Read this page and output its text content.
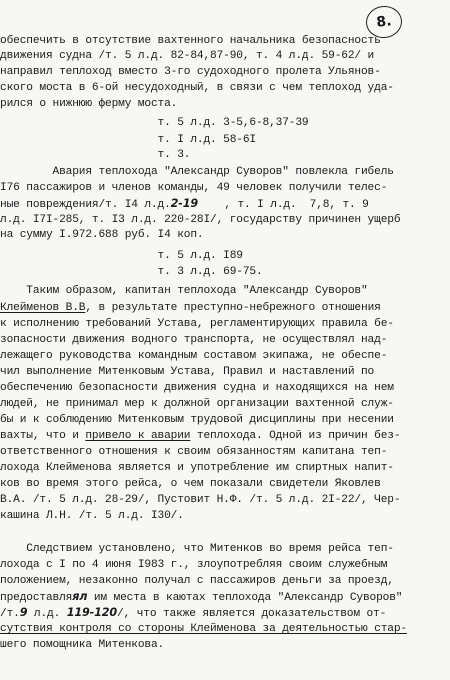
8.
обеспечить в отсутствие вахтенного начальника безопасность
движения судна /т. 5 л.д. 82-84,87-90, т. 4 л.д. 59-62/ и
направил теплоход вместо 3-го судоходного пролета Ульянов-
ского моста в 6-ой несудоходный, в связи с чем теплоход уда-
рился о нижнюю ферму моста.
т. 5 л.д. 3-5,6-8,37-39
т. I л.д. 58-6I
т. 3.
Авария теплохода "Александр Суворов" повлекла гибель
I76 пассажиров и членов команды, 49 человек получили телес-
ные повреждения/т. I4 л.д.2-19    , т. I л.д.  7,8, т. 9
л.д. I7I-285, т. I3 л.д. 220-28I/, государству причинен ущерб
на сумму I.972.688 руб. I4 коп.
т. 5 л.д. I89
т. 3 л.д. 69-75.
Таким образом, капитан теплохода "Александр Суворов"
Клейменов В.В, в результате преступно-небрежного отношения
к исполнению требований Устава, регламентирующих правила бе-
зопасности движения водного транспорта, не осуществлял над-
лежащего руководства командным составом экипажа, не обеспе-
чил выполнение Митенковым Устава, Правил и наставлений по
обеспечению безопасности движения судна и находящихся на нем
людей, не принимал мер к должной организации вахтенной служ-
бы и к соблюдению Митенковым трудовой дисциплины при несении
вахты, что и привело к аварии теплохода. Одной из причин без-
ответственного отношения к своим обязанностям капитана теп-
лохода Клейменова является и употребление им спиртных напит-
ков во время этого рейса, о чем показали свидетели Яковлев
В.А. /т. 5 л.д. 28-29/, Пустовит Н.Ф. /т. 5 л.д. 2I-22/, Чер-
кашина Л.Н. /т. 5 л.д. I30/.
Следствием установлено, что Митенков во время рейса теп-
лохода с I по 4 июня I983 г., злоупотребляя своим служебным
положением, незаконно получал с пассажиров деньги за проезд,
предоставляял им места в каютах теплохода "Александр Суворов"
/т.9 л.д. 119-120/, что также является доказательством от-
сутствия контроля со стороны Клейменова за деятельностью стар-
шего помощника Митенкова.
